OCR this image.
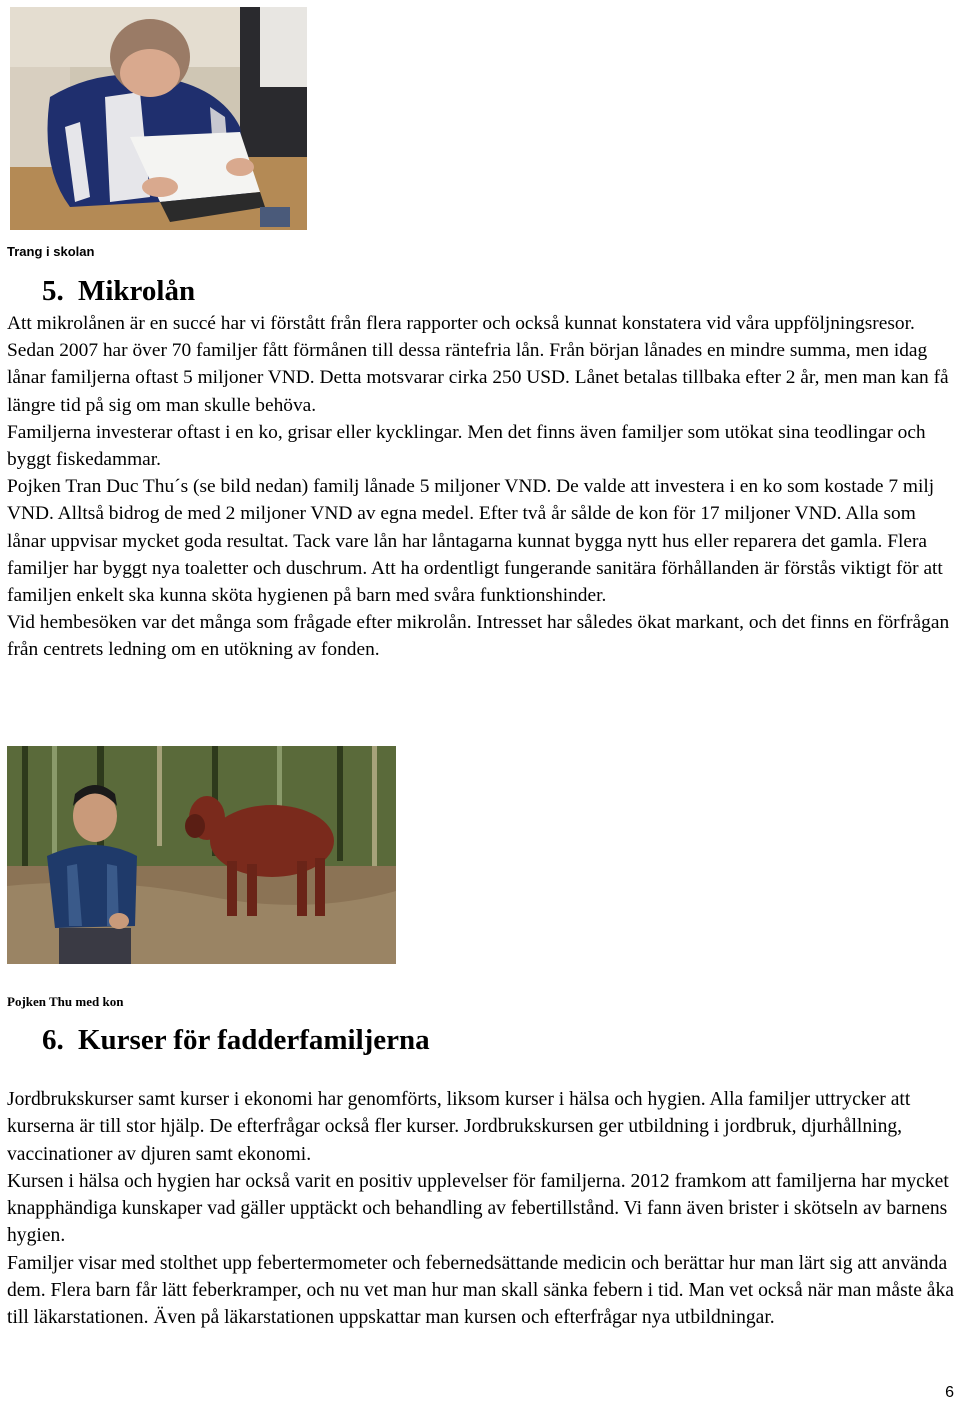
Trang i skolan
5. Mikrolån

Att mikrolånen är en succé har vi förstått från flera rapporter och också kunnat konstatera vid våra uppföljningsresor. Sedan 2007 har över 70 familjer fått förmånen till dessa räntefria lån. Från början lånades en mindre summa, men idag lånar familjerna oftast 5 miljoner VND. Detta motsvarar cirka 250 USD. Lånet betalas tillbaka efter 2 år, men man kan få längre tid på sig om man skulle behöva.

Familjerna investerar oftast i en ko, grisar eller kycklingar. Men det finns även familjer som utökat sina teodlingar och byggt fiskedammar.

Pojken Tran Duc Thu´s (se bild nedan) familj lånade 5 miljoner VND. De valde att investera i en ko som kostade 7 milj VND. Alltså bidrog de med 2 miljoner VND av egna medel. Efter två år sålde de kon för 17 miljoner VND. Alla som lånar uppvisar mycket goda resultat. Tack vare lån har låntagarna kunnat bygga nytt hus eller reparera det gamla. Flera familjer har byggt nya toaletter och duschrum. Att ha ordentligt fungerande sanitära förhållanden är förstås viktigt för att familjen enkelt ska kunna sköta hygienen på barn med svåra funktionshinder.

Vid hembesöken var det många som frågade efter mikrolån. Intresset har således ökat markant, och det finns en förfrågan från centrets ledning om en utökning av fonden.

Pojken Thu med kon
6. Kurser för fadderfamiljerna

Jordbrukskurser samt kurser i ekonomi har genomförts, liksom kurser i hälsa och hygien. Alla familjer uttrycker att kurserna är till stor hjälp. De efterfrågar också fler kurser. Jordbrukskursen ger utbildning i jordbruk, djurhållning, vaccinationer av djuren samt ekonomi.

Kursen i hälsa och hygien har också varit en positiv upplevelser för familjerna. 2012 framkom att familjerna har mycket knapphändiga kunskaper vad gäller upptäckt och behandling av febertillstånd. Vi fann även brister i skötseln av barnens hygien.

Familjer visar med stolthet upp febertermometer och febernedsättande medicin och berättar hur man lärt sig att använda dem. Flera barn får lätt feberkramper, och nu vet man hur man skall sänka febern i tid. Man vet också när man måste åka till läkarstationen. Även på läkarstationen uppskattar man kursen och efterfrågar nya utbildningar.

6
